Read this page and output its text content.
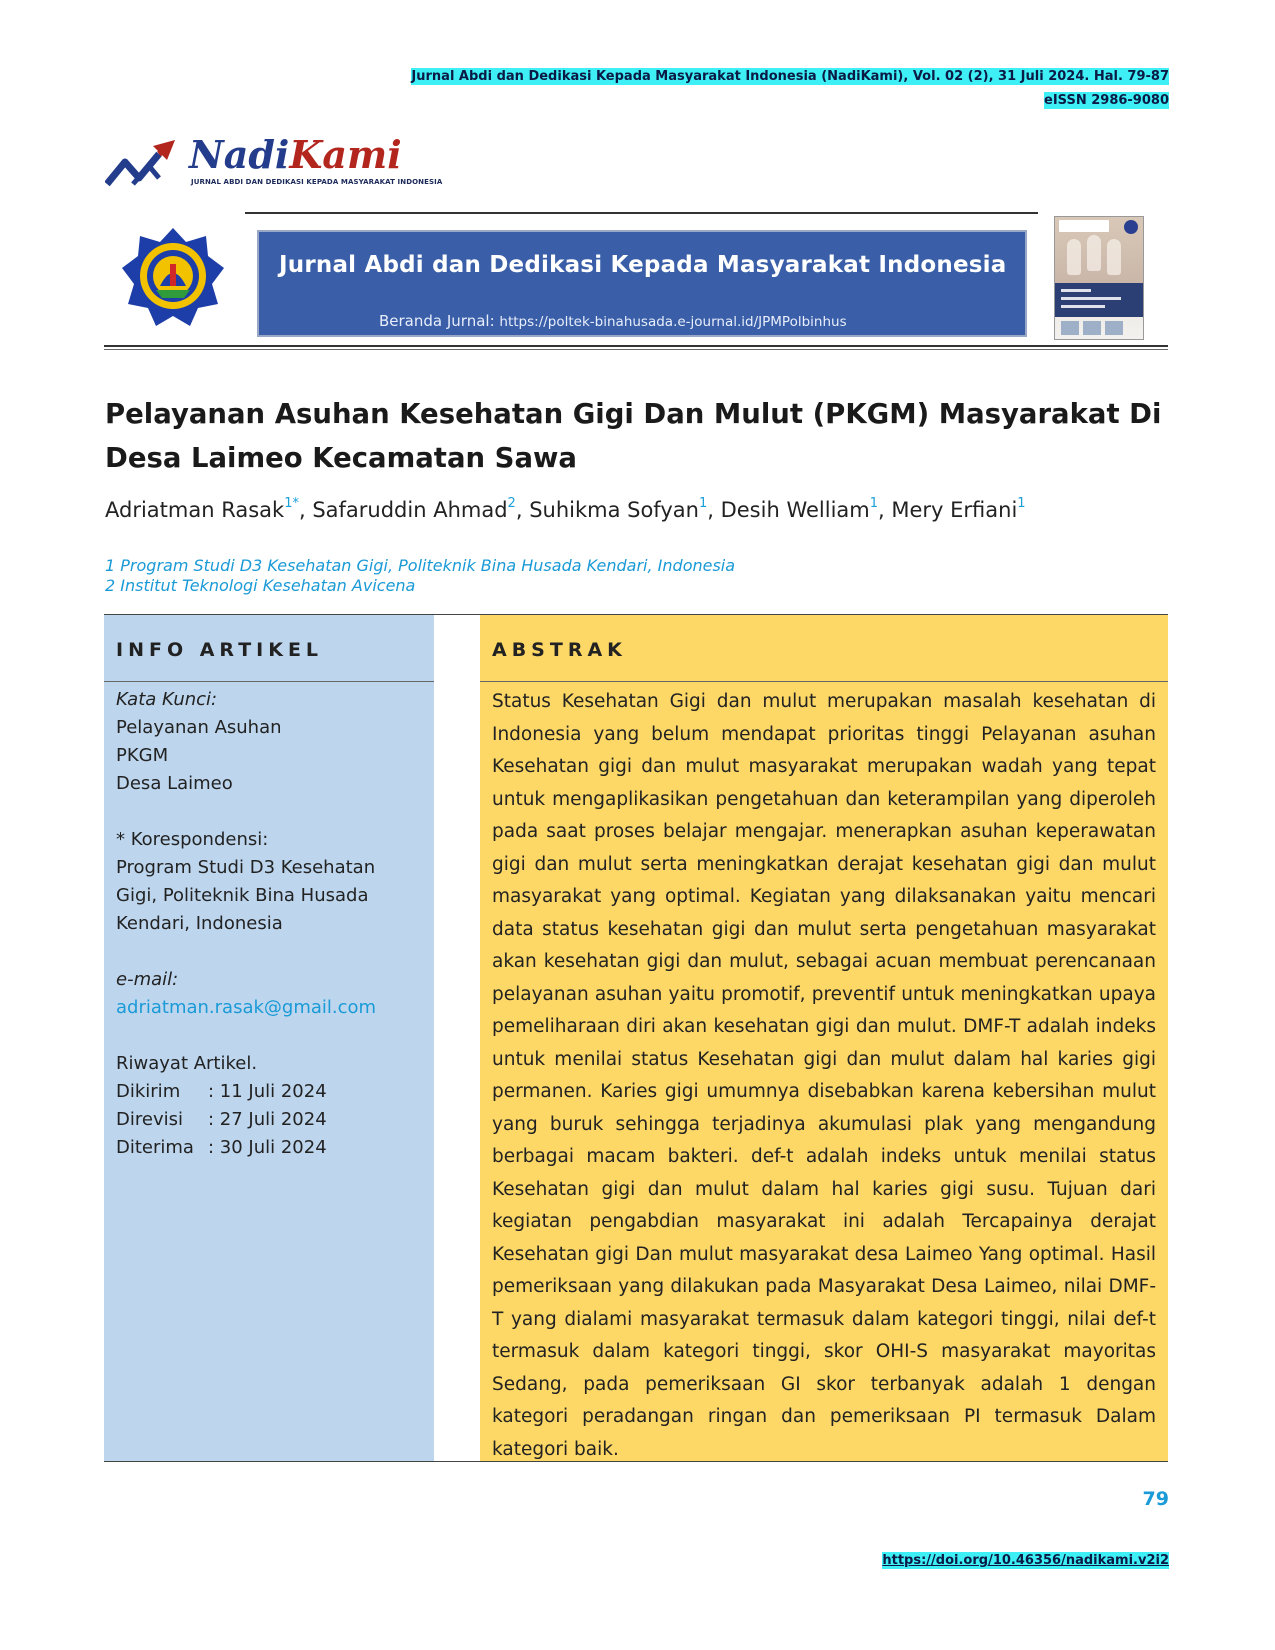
Jurnal Abdi dan Dedikasi Kepada Masyarakat Indonesia (NadiKami), Vol. 02 (2), 31 Juli 2024. Hal. 79-87
eISSN 2986-9080
NadiKami
JURNAL ABDI DAN DEDIKASI KEPADA MASYARAKAT INDONESIA
Jurnal Abdi dan Dedikasi Kepada Masyarakat Indonesia
Beranda Jurnal: https://poltek-binahusada.e-journal.id/JPMPolbinhus
Pelayanan Asuhan Kesehatan Gigi Dan Mulut (PKGM) Masyarakat Di Desa Laimeo Kecamatan Sawa
Adriatman Rasak$^{1*}$, Safaruddin Ahmad$^2$, Suhikma Sofyan$^1$, Desih Welliam$^1$, Mery Erfiani$^1$
1 Program Studi D3 Kesehatan Gigi, Politeknik Bina Husada Kendari, Indonesia
2 Institut Teknologi Kesehatan Avicena
INFO ARTIKEL
Kata Kunci:
Pelayanan Asuhan
PKGM
Desa Laimeo
* Korespondensi:
Program Studi D3 Kesehatan
Gigi, Politeknik Bina Husada
Kendari, Indonesia
e-mail:
adriatman.rasak@gmail.com
Riwayat Artikel.
Dikirim	: 11 Juli 2024
Direvisi	: 27 Juli 2024
Diterima : 30 Juli 2024
ABSTRAK
Status Kesehatan Gigi dan mulut merupakan masalah kesehatan di Indonesia yang belum mendapat prioritas tinggi Pelayanan asuhan Kesehatan gigi dan mulut masyarakat merupakan wadah yang tepat untuk mengaplikasikan pengetahuan dan keterampilan yang diperoleh pada saat proses belajar mengajar. menerapkan asuhan keperawatan gigi dan mulut serta meningkatkan derajat kesehatan gigi dan mulut masyarakat yang optimal. Kegiatan yang dilaksanakan yaitu mencari data status kesehatan gigi dan mulut serta pengetahuan masyarakat akan kesehatan gigi dan mulut, sebagai acuan membuat perencanaan pelayanan asuhan yaitu promotif, preventif untuk meningkatkan upaya pemeliharaan diri akan kesehatan gigi dan mulut. DMF-T adalah indeks untuk menilai status Kesehatan gigi dan mulut dalam hal karies gigi permanen. Karies gigi umumnya disebabkan karena kebersihan mulut yang buruk sehingga terjadinya akumulasi plak yang mengandung berbagai macam bakteri. def-t adalah indeks untuk menilai status Kesehatan gigi dan mulut dalam hal karies gigi susu. Tujuan dari kegiatan pengabdian masyarakat ini adalah Tercapainya derajat Kesehatan gigi Dan mulut masyarakat desa Laimeo Yang optimal. Hasil pemeriksaan yang dilakukan pada Masyarakat Desa Laimeo, nilai DMF-T yang dialami masyarakat termasuk dalam kategori tinggi, nilai def-t termasuk dalam kategori tinggi, skor OHI-S masyarakat mayoritas Sedang, pada pemeriksaan GI skor terbanyak adalah 1 dengan kategori peradangan ringan dan pemeriksaan PI termasuk Dalam kategori baik.
79
https://doi.org/10.46356/nadikami.v2i2
